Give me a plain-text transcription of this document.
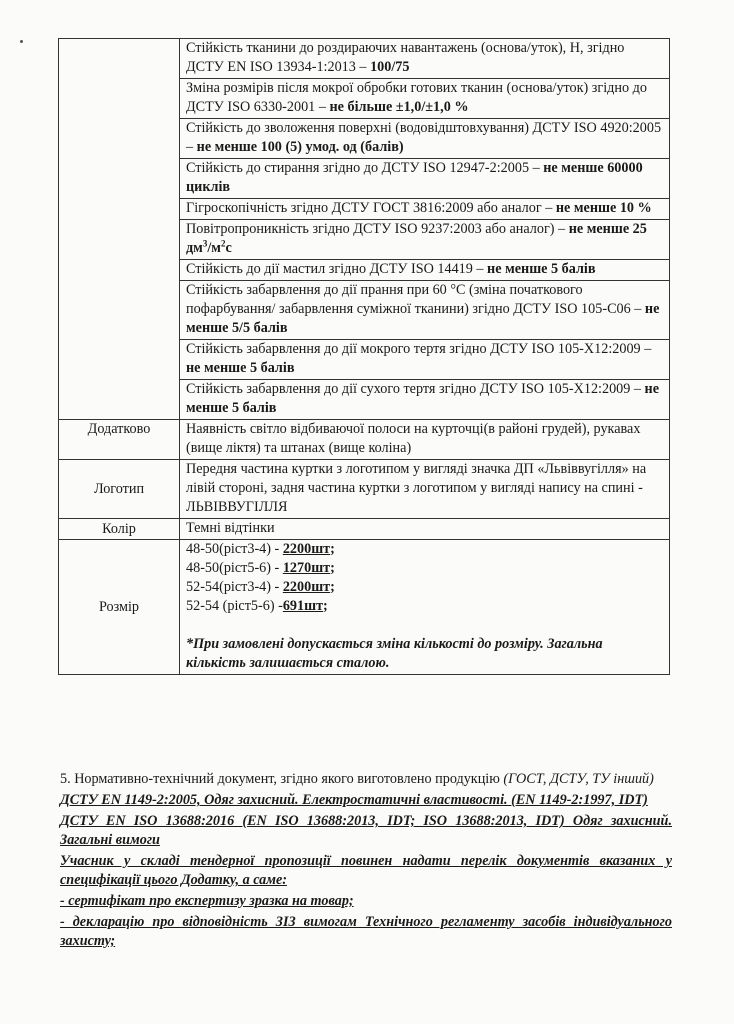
	Стійкість тканини до роздираючих навантажень (основа/уток), Н, згідно ДСТУ EN ISO 13934-1:2013 – 100/75
	Зміна розмірів після мокрої обробки готових тканин (основа/уток) згідно до ДСТУ ISO 6330-2001 – не більше ±1,0/±1,0 %
	Стійкість до зволоження поверхні (водовідштовхування) ДСТУ ISO 4920:2005 – не менше 100 (5) умод. од (балів)
	Стійкість до стирання згідно до ДСТУ ISO 12947-2:2005 – не менше 60000 циклів
	Гігроскопічність згідно ДСТУ ГОСТ 3816:2009 або аналог – не менше 10 %
	Повітропроникність згідно ДСТУ ISO 9237:2003 або аналог) – не менше 25 $дм^3/м^2с$
	Стійкість до дії мастил згідно ДСТУ ISO 14419 – не менше 5 балів
	Стійкість забарвлення до дії прання при 60 °С (зміна початкового пофарбування/ забарвлення суміжної тканини) згідно ДСТУ ISO 105-С06 – не менше 5/5 балів
	Стійкість забарвлення до дії мокрого тертя згідно ДСТУ ISO 105-X12:2009 – не менше 5 балів
	Стійкість забарвлення до дії сухого тертя згідно ДСТУ ISO 105-X12:2009 – не менше 5 балів
Додатково	Наявність світло відбиваючої полоси на курточці(в районі грудей), рукавах (вище ліктя) та штанах (вище коліна)
Логотип	Передня частина куртки з логотипом у вигляді значка ДП «Львіввугілля» на лівій стороні, задня частина куртки з логотипом у вигляді напису на спині - ЛЬВІВВУГІЛЛЯ
Колір	Темні відтінки
Розмір	48-50(ріст3-4) - 2200шт;
48-50(ріст5-6) - 1270шт;
52-54(ріст3-4) - 2200шт;
52-54 (ріст5-6) -691шт;
*При замовлені допускається зміна кількості до розміру. Загальна кількість залишається сталою.

5. Нормативно-технічний документ, згідно якого виготовлено продукцію (ГОСТ, ДСТУ, ТУ інший)

ДСТУ EN 1149-2:2005, Одяг захисний. Електростатичні властивості. (EN 1149-2:1997, IDT)

ДСТУ EN ISO 13688:2016 (EN ISO 13688:2013, IDT; ISO 13688:2013, IDT) Одяг захисний. Загальні вимоги

Учасник у складі тендерної пропозиції повинен надати перелік документів вказаних у специфікації цього Додатку, а саме:

- сертифікат про експертизу зразка на товар;

- декларацію про відповідність ЗІЗ вимогам Технічного регламенту засобів індивідуального захисту;
